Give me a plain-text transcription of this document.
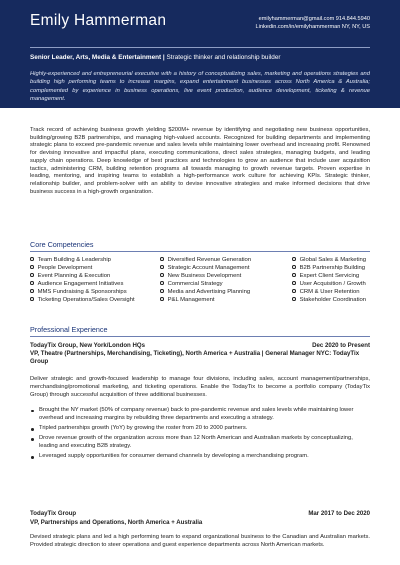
Emily Hammerman	emilyhammerman@gmail.com 914.844.5940
Linkedin.com/in/emilyhammerman NY, NY, US
Senior Leader, Arts, Media & Entertainment | Strategic thinker and relationship builder
Highly-experienced and entrepreneurial executive with a history of conceptualizing sales, marketing and operations strategies and building high performing teams to increase margins, expand entertainment businesses across North America & Australia; complemented by experience in business operations, live event production, audience development, ticketing & revenue management.
Track record of achieving business growth yielding $200M+ revenue by identifying and negotiating new business opportunities, building/growing B2B partnerships, and managing high-valued accounts. Recognized for building departments and implementing strategic plans to exceed pre-pandemic revenue and sales levels while maintaining lower overhead and increasing profit. Renowned for devising innovative and impactful plans, executing communications, direct sales strategies, managing budgets, and leading supply chain operations. Deep knowledge of best practices and technologies to grow an audience that include user acquisition tactics, administering CRM, building retention programs all towards managing to growth revenue targets. Proven expertise in leading, mentoring, and inspiring teams to establish a high-performance work culture for achieving KPIs. Strategic thinker, relationship builder, and problem-solver with an ability to devise innovative strategies and make informed decisions that drive business success in a high-growth organization.
Core Competencies
Team Building & Leadership
People Development
Event Planning & Execution
Audience Engagement Initiatives
MMS Fundraising & Sponsorships
Ticketing Operations/Sales Oversight
Diversified Revenue Generation
Strategic Account Management
New Business Development
Commercial Strategy
Media and Advertising Planning
P&L Management
Global Sales & Marketing
B2B Partnership Building
Expert Client Servicing
User Acquisition / Growth
CRM & User Retention
Stakeholder Coordination
Professional Experience
TodayTix Group, New York/London HQs	Dec 2020 to Present
VP, Theatre (Partnerships, Merchandising, Ticketing), North America + Australia | General Manager NYC: TodayTix Group
Deliver strategic and growth-focused leadership to manage four divisions, including sales, account management/partnerships, merchandising/promotional marketing, and ticketing operations. Enable the TodayTix to become a portfolio company (TodayTix Group) through successful acquisition of three additional businesses.
Brought the NY market (50% of company revenue) back to pre-pandemic revenue and sales levels while maintaining lower overhead and increasing margins by rebuilding three departments and executing a strategy.
Tripled partnerships growth (YoY) by growing the roster from 20 to 2000 partners.
Drove revenue growth of the organization across more than 12 North American and Australian markets by conceptualizing, leading and executing B2B strategy.
Leveraged supply opportunities for consumer demand channels by developing a merchandising program.
TodayTix Group	Mar 2017 to Dec 2020
VP, Partnerships and Operations, North America + Australia
Devised strategic plans and led a high performing team to expand organizational business to the Canadian and Australian markets. Provided strategic direction to steer operations and guest experience departments across North American markets.
